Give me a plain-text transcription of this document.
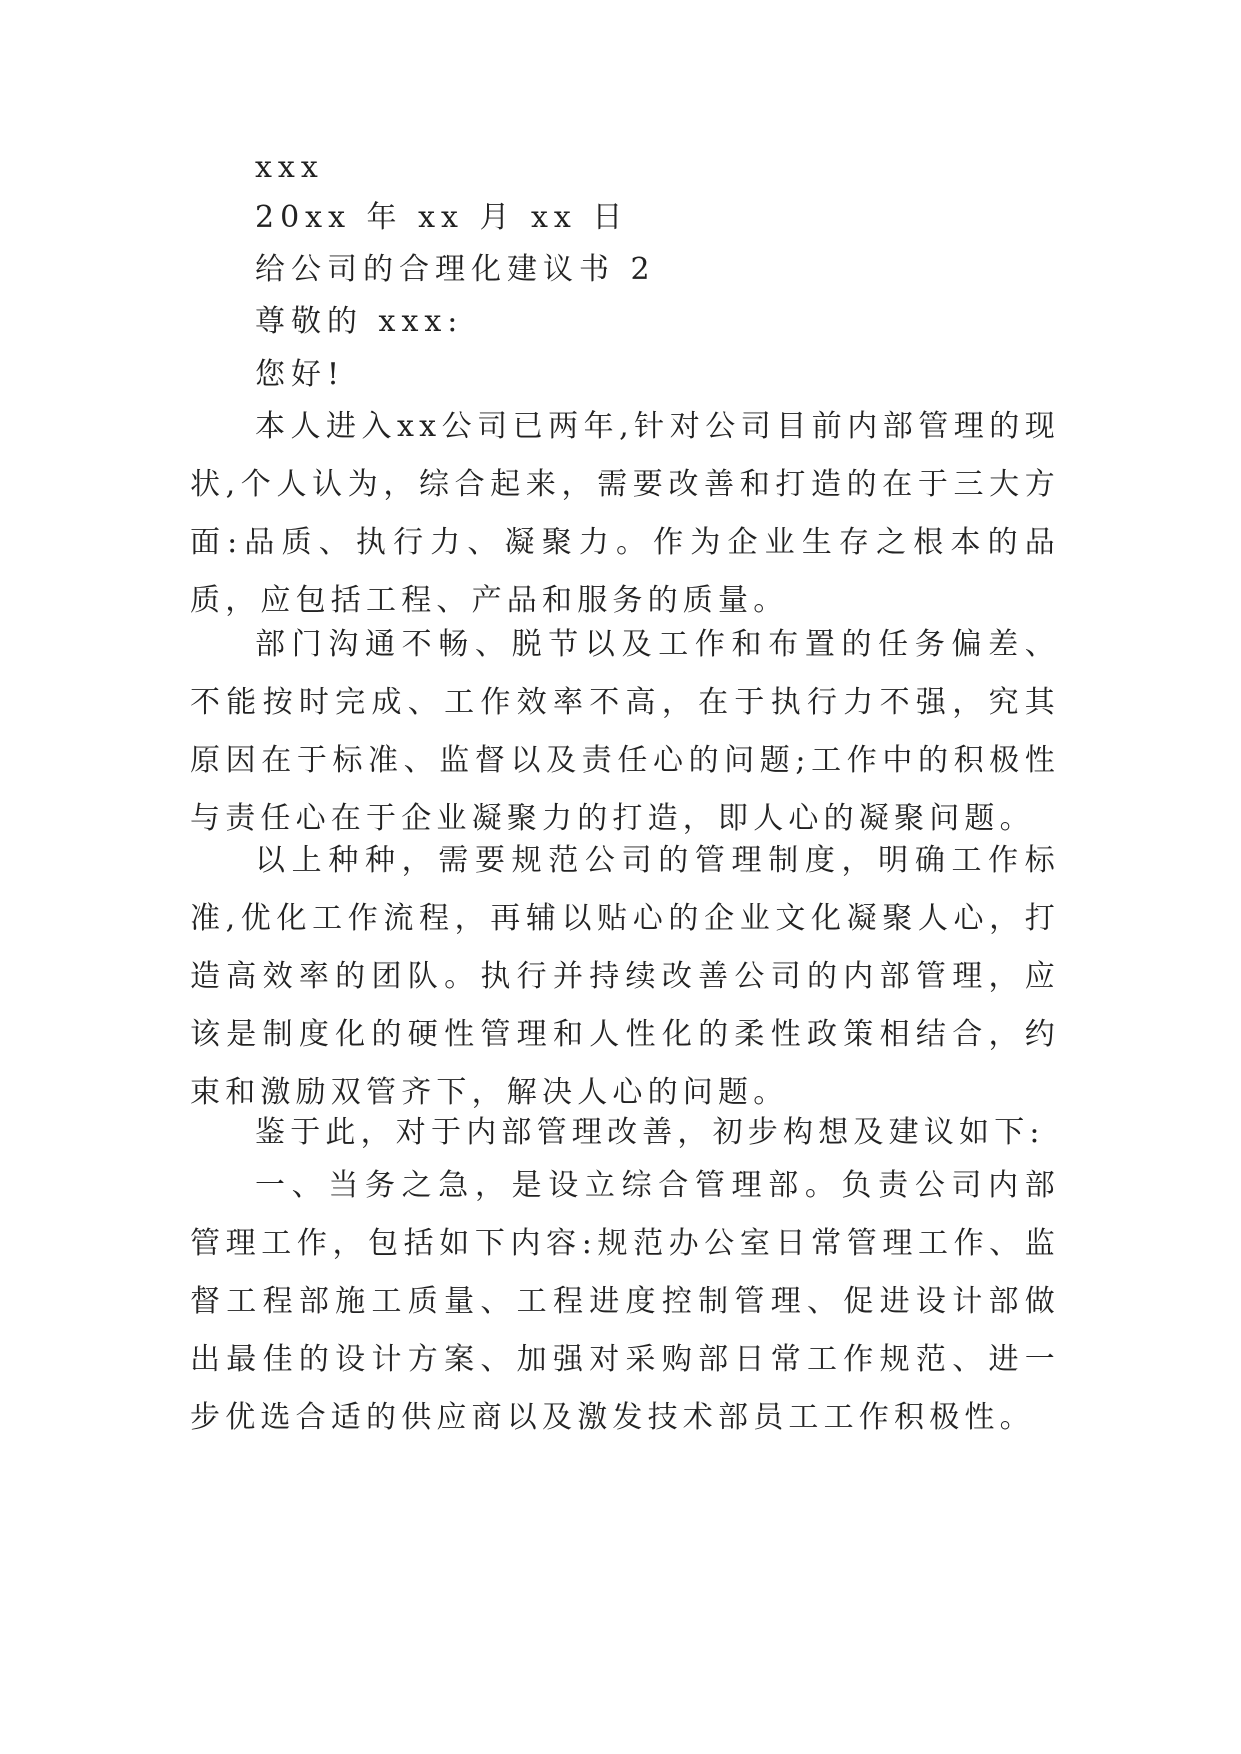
xxx
20xx 年 xx 月 xx 日
给公司的合理化建议书 2
尊敬的 xxx:
您好!
本人进入xx公司已两年,针对公司目前内部管理的现状,个人认为，综合起来，需要改善和打造的在于三大方面:品质、执行力、凝聚力。作为企业生存之根本的品质，应包括工程、产品和服务的质量。
部门沟通不畅、脱节以及工作和布置的任务偏差、不能按时完成、工作效率不高，在于执行力不强，究其原因在于标准、监督以及责任心的问题;工作中的积极性与责任心在于企业凝聚力的打造，即人心的凝聚问题。
以上种种，需要规范公司的管理制度，明确工作标准,优化工作流程，再辅以贴心的企业文化凝聚人心，打造高效率的团队。执行并持续改善公司的内部管理，应该是制度化的硬性管理和人性化的柔性政策相结合，约束和激励双管齐下，解决人心的问题。
鉴于此，对于内部管理改善，初步构想及建议如下:
一、当务之急，是设立综合管理部。负责公司内部管理工作，包括如下内容:规范办公室日常管理工作、监督工程部施工质量、工程进度控制管理、促进设计部做出最佳的设计方案、加强对采购部日常工作规范、进一步优选合适的供应商以及激发技术部员工工作积极性。
